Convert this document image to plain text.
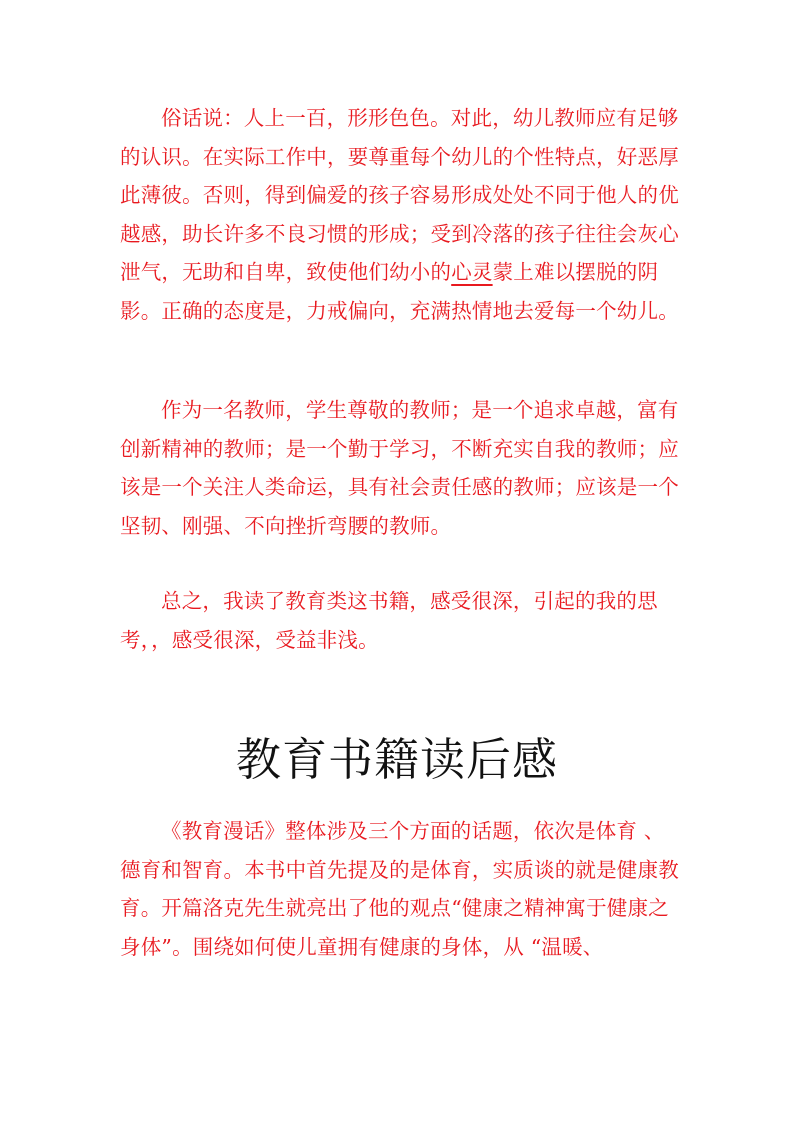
俗话说：人上一百，形形色色。对此，幼儿教师应有足够的认识。在实际工作中，要尊重每个幼儿的个性特点，好恶厚此薄彼。否则，得到偏爱的孩子容易形成处处不同于他人的优越感，助长许多不良习惯的形成；受到冷落的孩子往往会灰心泄气，无助和自卑，致使他们幼小的心灵蒙上难以摆脱的阴影。正确的态度是，力戒偏向，充满热情地去爱每一个幼儿。

作为一名教师，学生尊敬的教师；是一个追求卓越，富有创新精神的教师；是一个勤于学习，不断充实自我的教师；应该是一个关注人类命运，具有社会责任感的教师；应该是一个坚韧、刚强、不向挫折弯腰的教师。

总之，我读了教育类这书籍，感受很深，引起的我的思考，，感受很深，受益非浅。

教育书籍读后感

《教育漫话》整体涉及三个方面的话题，依次是体育 、德育和智育。本书中首先提及的是体育，实质谈的就是健康教育。开篇洛克先生就亮出了他的观点“健康之精神寓于健康之身体”。围绕如何使儿童拥有健康的身体，从 “温暖、
